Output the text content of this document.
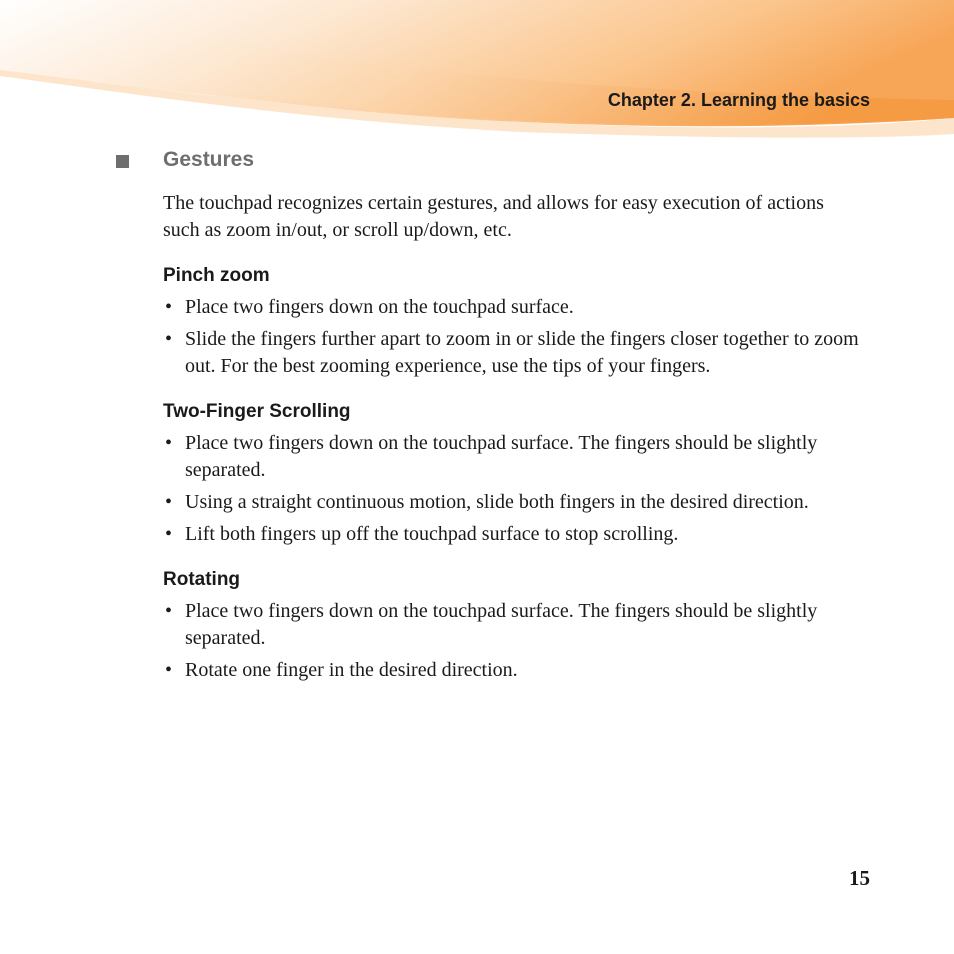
Chapter 2. Learning the basics
Gestures

The touchpad recognizes certain gestures, and allows for easy execution of actions such as zoom in/out, or scroll up/down, etc.

Pinch zoom
• Place two fingers down on the touchpad surface.
• Slide the fingers further apart to zoom in or slide the fingers closer together to zoom out. For the best zooming experience, use the tips of your fingers.
Two-Finger Scrolling
• Place two fingers down on the touchpad surface. The fingers should be slightly separated.
• Using a straight continuous motion, slide both fingers in the desired direction.
• Lift both fingers up off the touchpad surface to stop scrolling.
Rotating
• Place two fingers down on the touchpad surface. The fingers should be slightly separated.
• Rotate one finger in the desired direction.
15
